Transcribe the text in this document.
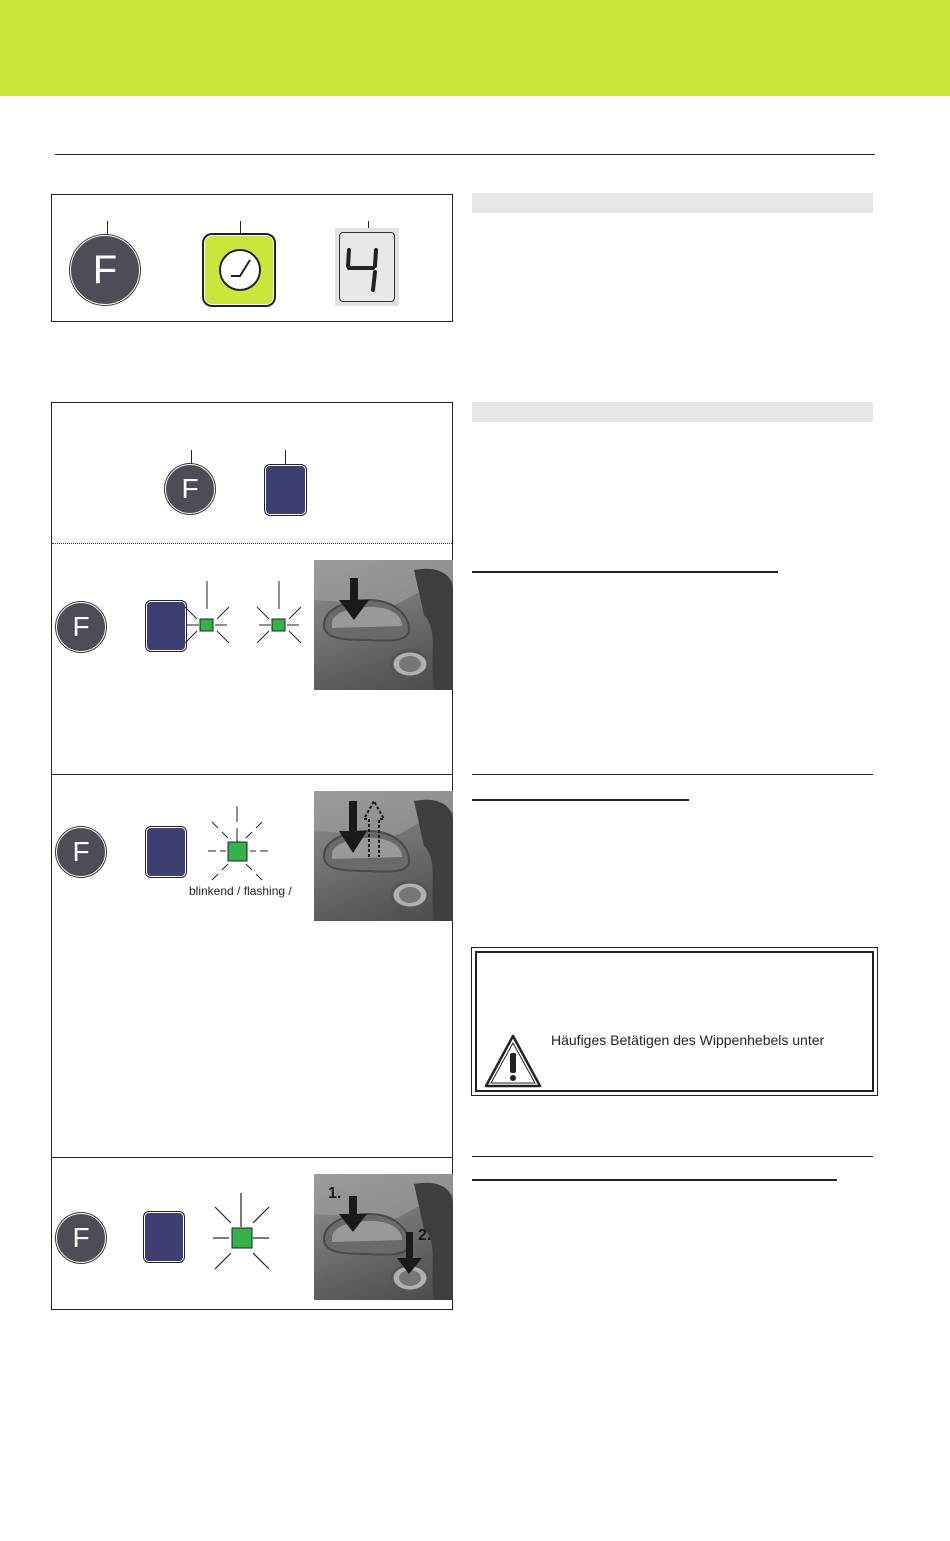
F
F
F
F
blinkend / flashing /
F
1.
2.
Häufiges Betätigen des Wippenhebels unter
